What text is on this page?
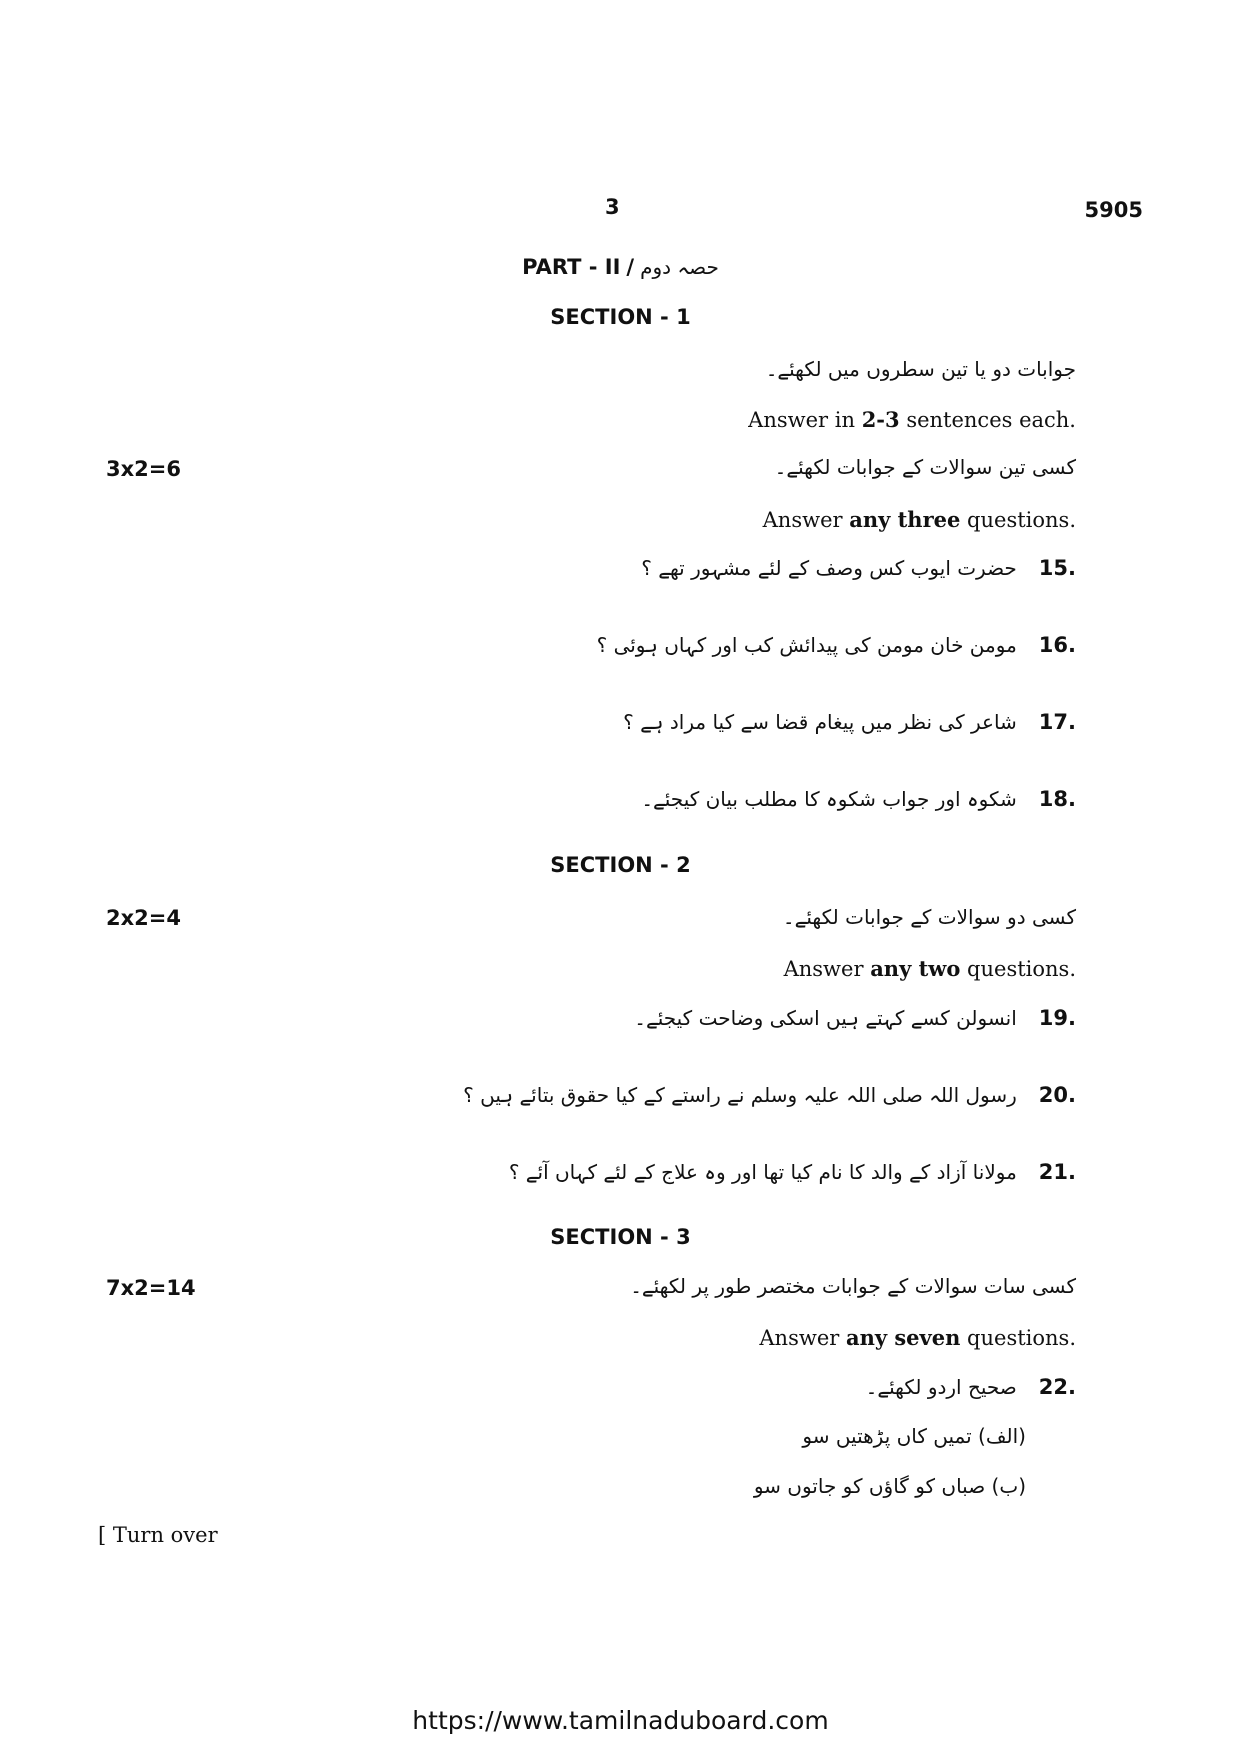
3	5905
PART - II / حصہ دوم
SECTION - 1
جوابات دو یا تین سطروں میں لکھئے۔
Answer in 2-3 sentences each.
3x2=6	کسی تین سوالات کے جوابات لکھئے۔
Answer any three questions.
حضرت ایوب کس وصف کے لئے مشہور تھے ؟ 15.
مومن خان مومن کی پیدائش کب اور کہاں ہوئی ؟ 16.
شاعر کی نظر میں پیغام قضا سے کیا مراد ہے ؟ 17.
شکوہ اور جواب شکوہ کا مطلب بیان کیجئے۔ 18.
SECTION - 2
2x2=4	کسی دو سوالات کے جوابات لکھئے۔
Answer any two questions.
انسولن کسے کہتے ہیں اسکی وضاحت کیجئے۔ 19.
رسول اللہ صلی اللہ علیہ وسلم نے راستے کے کیا حقوق بتائے ہیں ؟ 20.
مولانا آزاد کے والد کا نام کیا تھا اور وہ علاج کے لئے کہاں آئے ؟ 21.
SECTION - 3
7x2=14	کسی سات سوالات کے جوابات مختصر طور پر لکھئے۔
Answer any seven questions.
صحیح اردو لکھئے۔ 22.
(الف) تمیں کاں پڑھتیں سو
(ب) صباں کو گاؤں کو جاتوں سو
[ Turn over
https://www.tamilnaduboard.com
